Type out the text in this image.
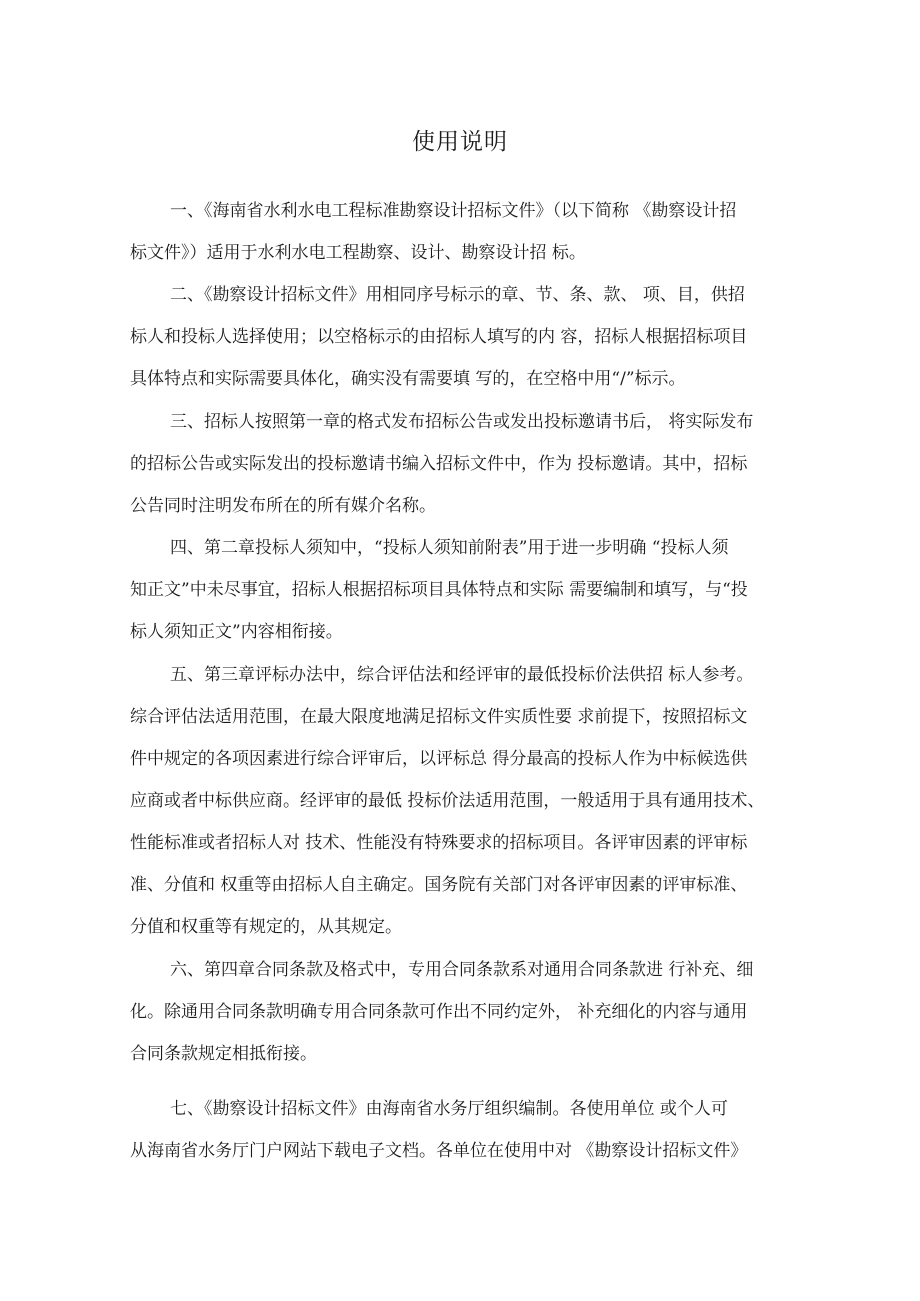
使用说明
一、《海南省水利水电工程标准勘察设计招标文件》（以下简称 《勘察设计招
标文件》）适用于水利水电工程勘察、设计、勘察设计招 标。
二、《勘察设计招标文件》用相同序号标示的章、节、条、款、 项、目，供招
标人和投标人选择使用；以空格标示的由招标人填写的内 容，招标人根据招标项目
具体特点和实际需要具体化，确实没有需要填 写的，在空格中用“/”标示。
三、招标人按照第一章的格式发布招标公告或发出投标邀请书后， 将实际发布
的招标公告或实际发出的投标邀请书编入招标文件中，作为 投标邀请。其中，招标
公告同时注明发布所在的所有媒介名称。
四、第二章投标人须知中，“投标人须知前附表”用于进一步明确 “投标人须
知正文”中未尽事宜，招标人根据招标项目具体特点和实际 需要编制和填写，与“投
标人须知正文”内容相衔接。
五、第三章评标办法中，综合评估法和经评审的最低投标价法供招 标人参考。
综合评估法适用范围，在最大限度地满足招标文件实质性要 求前提下，按照招标文
件中规定的各项因素进行综合评审后，以评标总 得分最高的投标人作为中标候选供
应商或者中标供应商。经评审的最低 投标价法适用范围，一般适用于具有通用技术、
性能标准或者招标人对 技术、性能没有特殊要求的招标项目。各评审因素的评审标
准、分值和 权重等由招标人自主确定。国务院有关部门对各评审因素的评审标准、
分值和权重等有规定的，从其规定。
六、第四章合同条款及格式中，专用合同条款系对通用合同条款进 行补充、细
化。除通用合同条款明确专用合同条款可作出不同约定外， 补充细化的内容与通用
合同条款规定相抵衔接。
七、《勘察设计招标文件》由海南省水务厅组织编制。各使用单位 或个人可
从海南省水务厅门户网站下载电子文档。各单位在使用中对 《勘察设计招标文件》
